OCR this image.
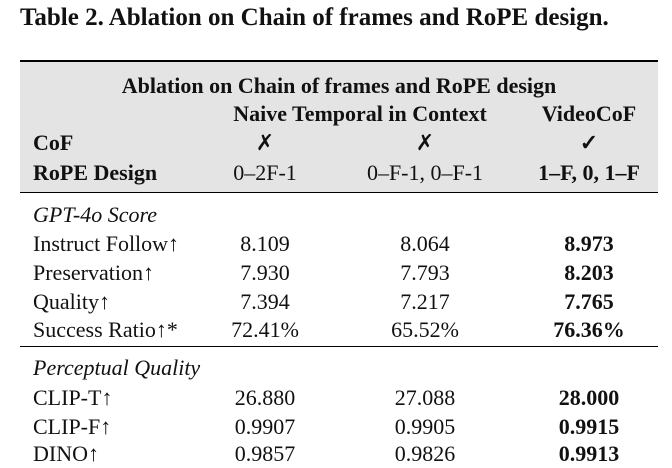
Table 2. Ablation on Chain of frames and RoPE design.
Ablation on Chain of frames and RoPE design
Naive Temporal in Context	VideoCoF
CoF	✗	✗	✓
RoPE Design	0–2F-1	0–F-1, 0–F-1	1–F, 0, 1–F
GPT-4o Score
Instruct Follow↑	8.109	8.064	8.973
Preservation↑	7.930	7.793	8.203
Quality↑	7.394	7.217	7.765
Success Ratio↑*	72.41%	65.52%	76.36%
Perceptual Quality
CLIP-T↑	26.880	27.088	28.000
CLIP-F↑	0.9907	0.9905	0.9915
DINO↑	0.9857	0.9826	0.9913
